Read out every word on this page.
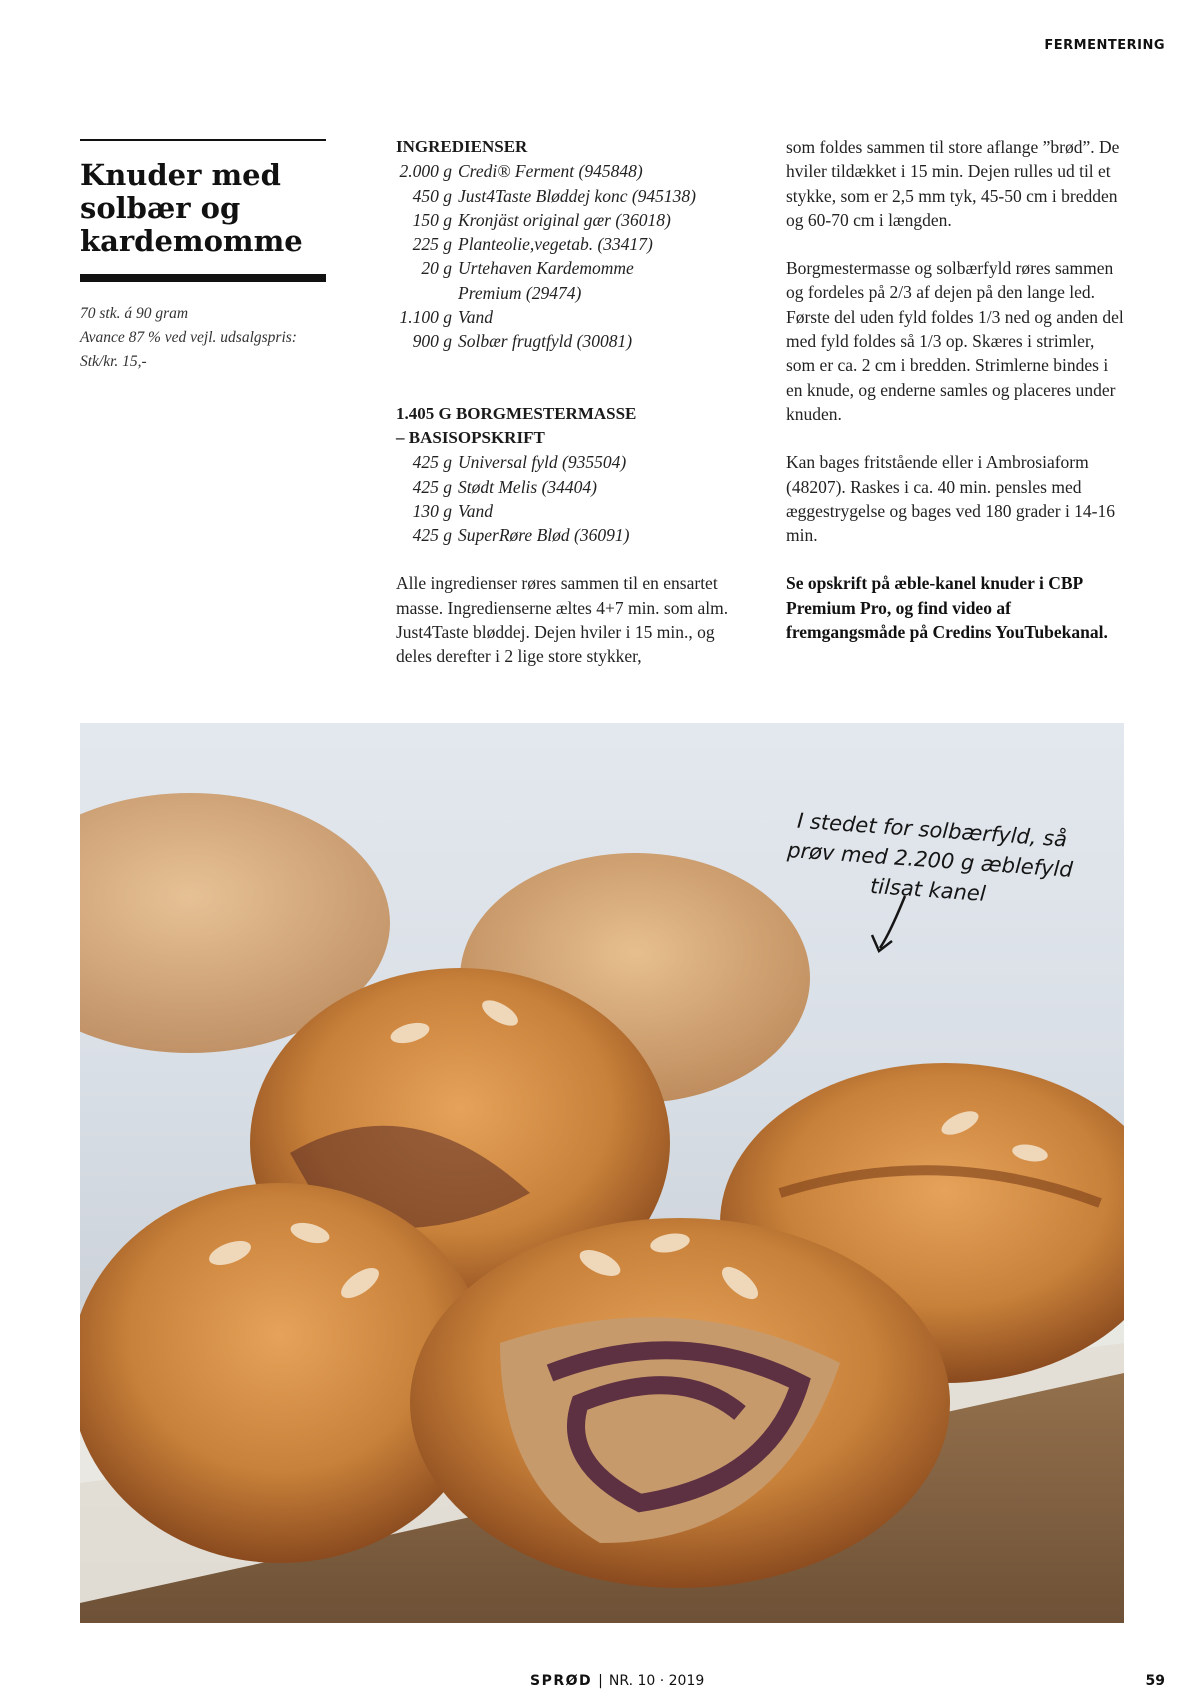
FERMENTERING
Knuder med solbær og kardemomme
70 stk. á 90 gram
Avance 87 % ved vejl. udsalgspris:
Stk/kr. 15,-
INGREDIENSER
2.000 g Credi® Ferment (945848)
450 g Just4Taste Bløddej konc (945138)
150 g Kronjäst original gær (36018)
225 g Planteolie,vegetab. (33417)
20 g Urtehaven Kardemomme
Premium (29474)
1.100 g Vand
900 g Solbær frugtfyld (30081)
1.405 G BORGMESTERMASSE
– BASISOPSKRIFT
425 g Universal fyld (935504)
425 g Stødt Melis (34404)
130 g Vand
425 g SuperRøre Blød (36091)

Alle ingredienser røres sammen til en ensartet masse. Ingredienserne æltes 4+7 min. som alm. Just4Taste bløddej. Dejen hviler i 15 min., og deles derefter i 2 lige store stykker,

som foldes sammen til store aflange ”brød”. De hviler tildækket i 15 min. Dejen rulles ud til et stykke, som er 2,5 mm tyk, 45-50 cm i bredden og 60-70 cm i længden.

Borgmestermasse og solbærfyld røres sammen og fordeles på 2/3 af dejen på den lange led. Første del uden fyld foldes 1/3 ned og anden del med fyld foldes så 1/3 op. Skæres i strimler, som er ca. 2 cm i bredden. Strimlerne bindes i en knude, og enderne samles og placeres under knuden.

Kan bages fritstående eller i Ambrosiaform (48207). Raskes i ca. 40 min. pensles med æggestrygelse og bages ved 180 grader i 14-16 min.

Se opskrift på æble-kanel knuder i CBP Premium Pro, og find video af fremgangsmåde på Credins YouTubekanal.

I stedet for solbærfyld, så prøv med 2.200 g æblefyld tilsat kanel
SPRØD | NR. 10 · 2019	59
